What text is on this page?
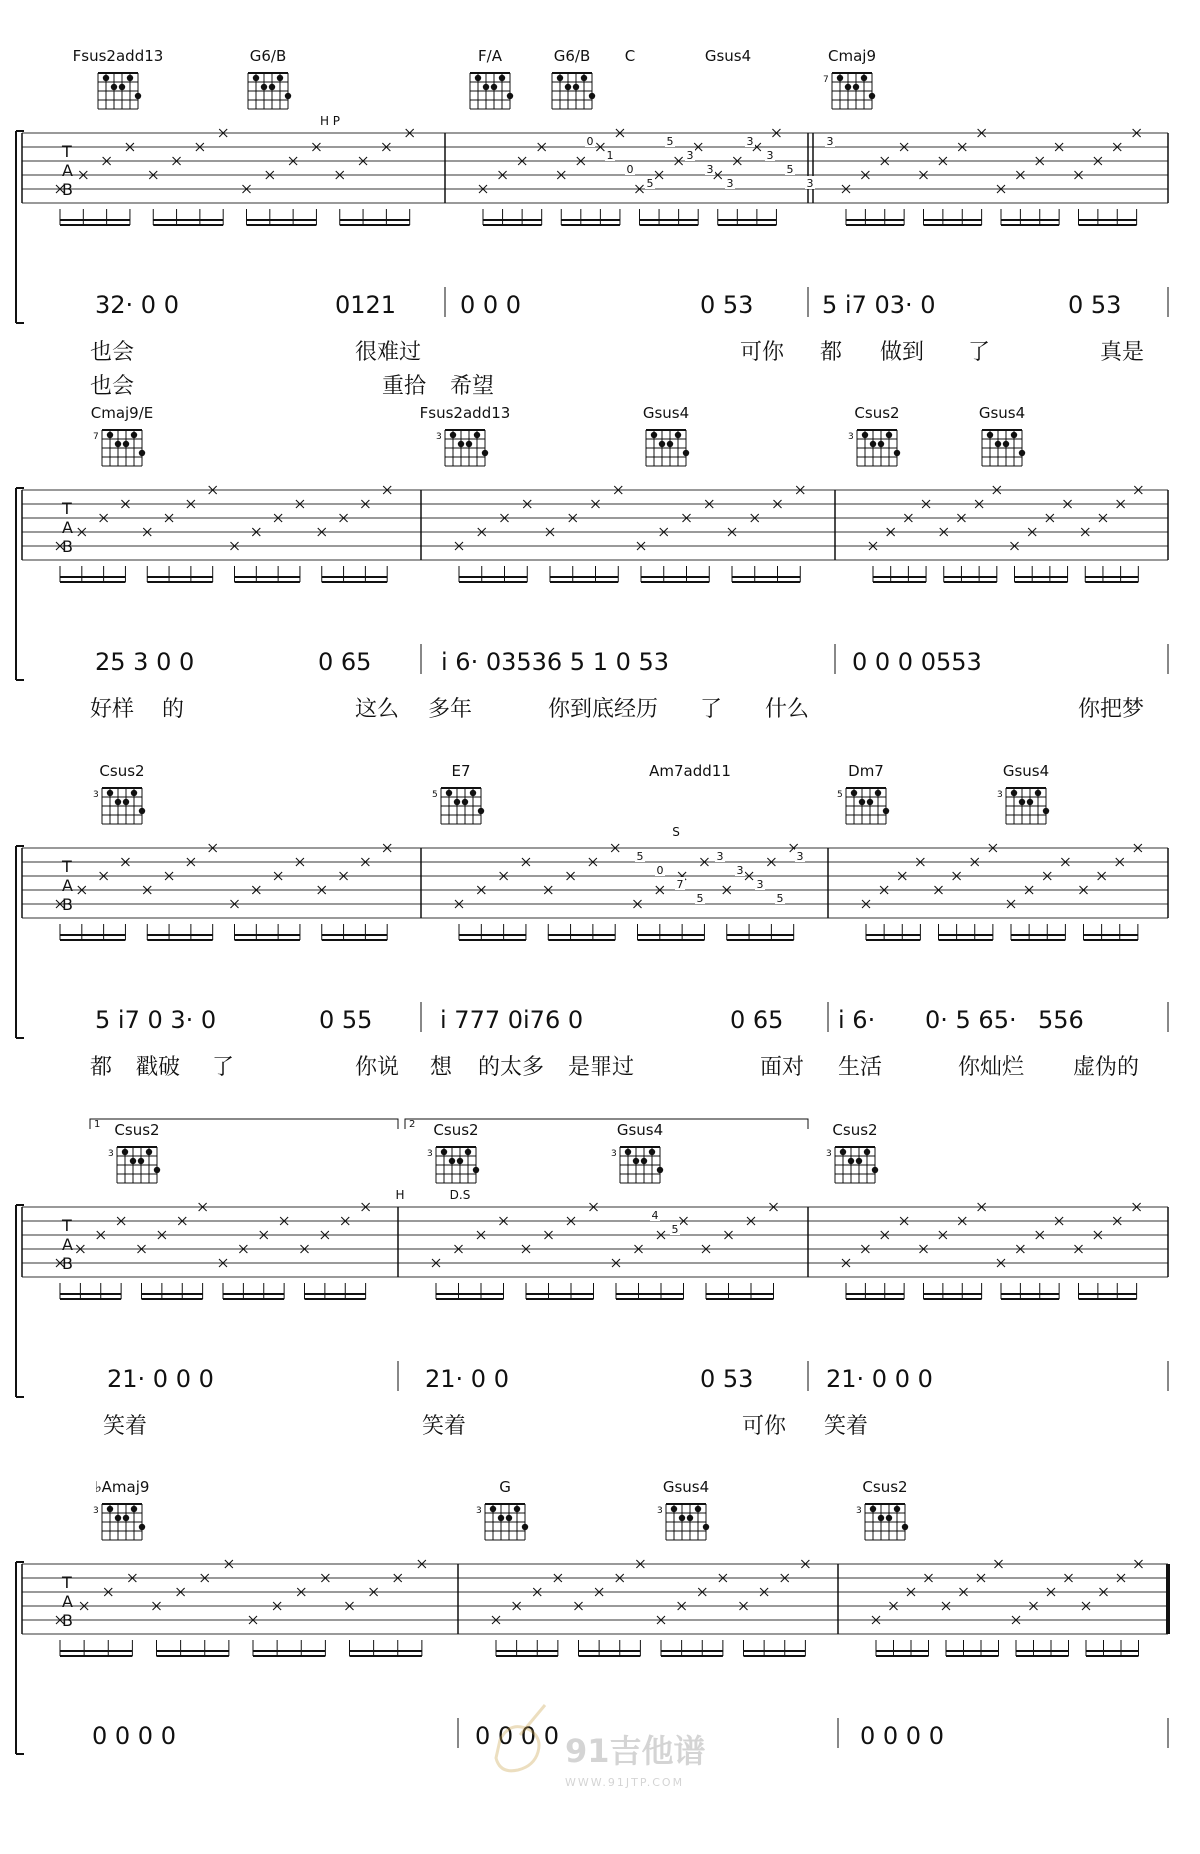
T
A
B
Fsus2add13	G6/B	F/A	G6/B C	Gsus4	Cmaj9
7
H P
0
1
0
5
5
3
3
3
3
3
5
3
3
32· 0 0	0121	0 0 0	0 53	5 i7 03· 0	0 53
也会	很难过	可你 都 做到 了	真是
也会	重拾 希望
T
A
B
Cmaj9/E
7
Fsus2add13
3
Gsus4	Csus2
3
Gsus4
25 3 0 0	0 65	i 6· 03536 5 1 0 53	0 0 0 0553
好样 的	这么 多年	你到底经历 了 什么	你把梦
T
A
B
Csus2
3
E7
5
Am7add11	Dm7
5
Gsus4
3
S
5
0
7
5
3
3
3
5
3
5 i7 0 3· 0	0 55	i 777 0i76 0	0 65 i 6· 0· 5 65· 556
都 戳破 了	你说 想 的太多 是罪过	面对 生活	你灿烂 虚伪的
T
A
B
Csus2
3
Csus2
3
Gsus4
3
Csus2
3
H	D.S
4
5
1	2
21· 0 0 0	21· 0 0	0 53	21· 0 0 0
笑着	笑着	可你 笑着
T
A
B
♭Amaj9
3
G
3
Gsus4
3
Csus2
3
0 0 0 0	0 0 0 0	0 0 0 0
91吉他谱
WWW.91JTP.COM
